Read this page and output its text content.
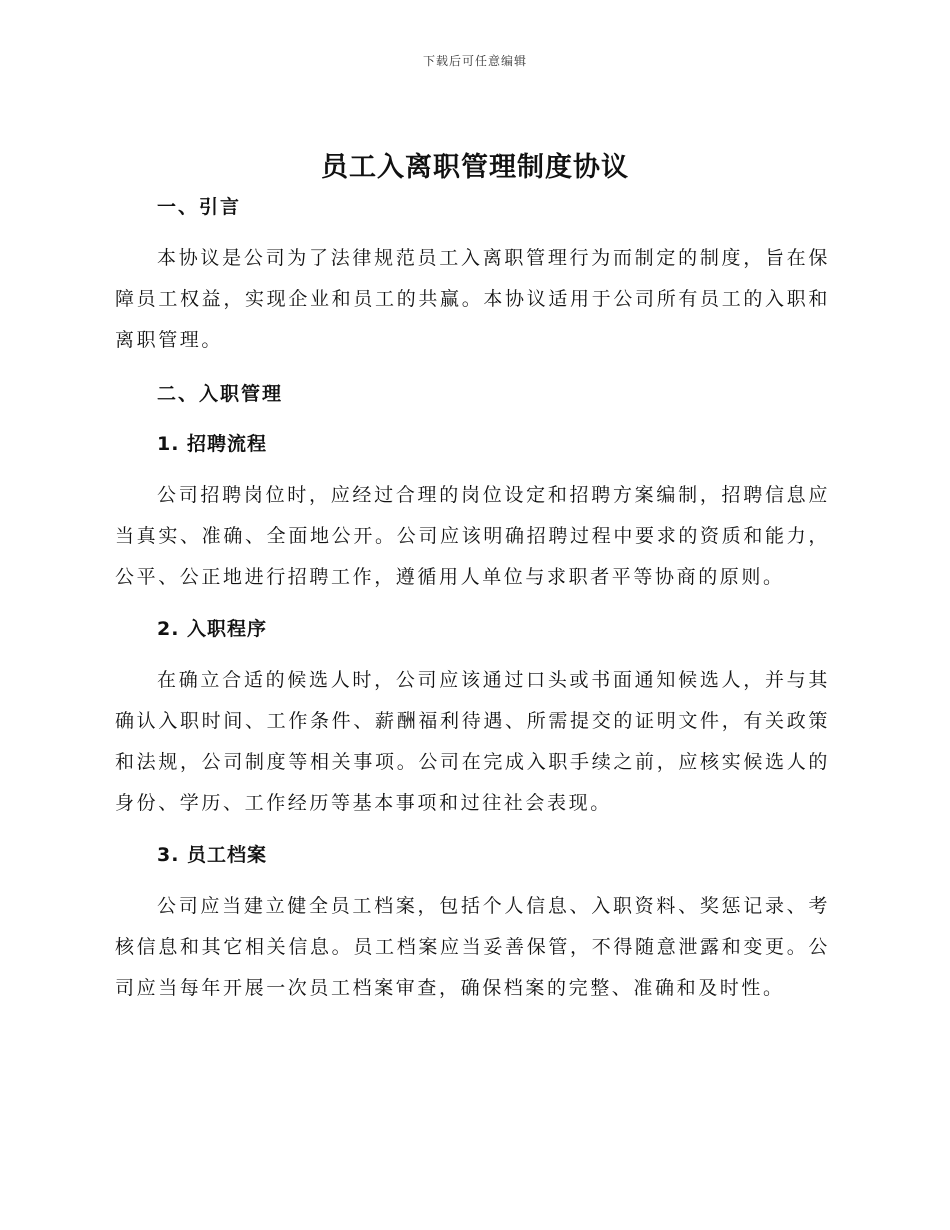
下载后可任意编辑
员工入离职管理制度协议
一、引言

本协议是公司为了法律规范员工入离职管理行为而制定的制度，旨在保障员工权益，实现企业和员工的共赢。本协议适用于公司所有员工的入职和离职管理。

二、入职管理
1. 招聘流程

公司招聘岗位时，应经过合理的岗位设定和招聘方案编制，招聘信息应当真实、准确、全面地公开。公司应该明确招聘过程中要求的资质和能力，公平、公正地进行招聘工作，遵循用人单位与求职者平等协商的原则。

2. 入职程序

在确立合适的候选人时，公司应该通过口头或书面通知候选人，并与其确认入职时间、工作条件、薪酬福利待遇、所需提交的证明文件，有关政策和法规，公司制度等相关事项。公司在完成入职手续之前，应核实候选人的身份、学历、工作经历等基本事项和过往社会表现。

3. 员工档案

公司应当建立健全员工档案，包括个人信息、入职资料、奖惩记录、考核信息和其它相关信息。员工档案应当妥善保管，不得随意泄露和变更。公司应当每年开展一次员工档案审查，确保档案的完整、准确和及时性。
